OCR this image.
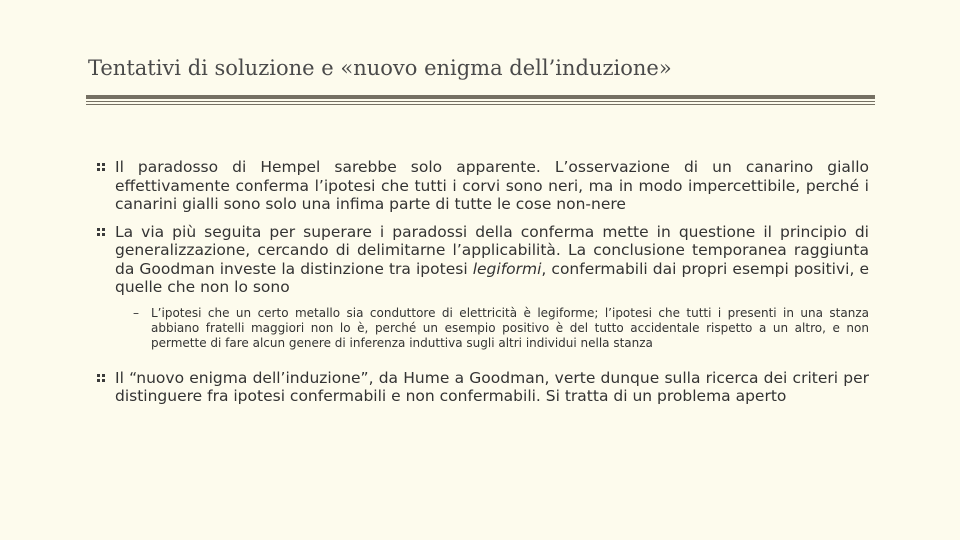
Tentativi di soluzione e «nuovo enigma dell’induzione»

Il paradosso di Hempel sarebbe solo apparente. L’osservazione di un canarino giallo effettivamente conferma l’ipotesi che tutti i corvi sono neri, ma in modo impercettibile, perché i canarini gialli sono solo una infima parte di tutte le cose non-nere

La via più seguita per superare i paradossi della conferma mette in questione il principio di generalizzazione, cercando di delimitarne l’applicabilità. La conclusione temporanea raggiunta da Goodman investe la distinzione tra ipotesi legiformi, confermabili dai propri esempi positivi, e quelle che non lo sono

– L’ipotesi che un certo metallo sia conduttore di elettricità è legiforme; l’ipotesi che tutti i presenti in una stanza abbiano fratelli maggiori non lo è, perché un esempio positivo è del tutto accidentale rispetto a un altro, e non permette di fare alcun genere di inferenza induttiva sugli altri individui nella stanza

Il “nuovo enigma dell’induzione”, da Hume a Goodman, verte dunque sulla ricerca dei criteri per distinguere fra ipotesi confermabili e non confermabili. Si tratta di un problema aperto
